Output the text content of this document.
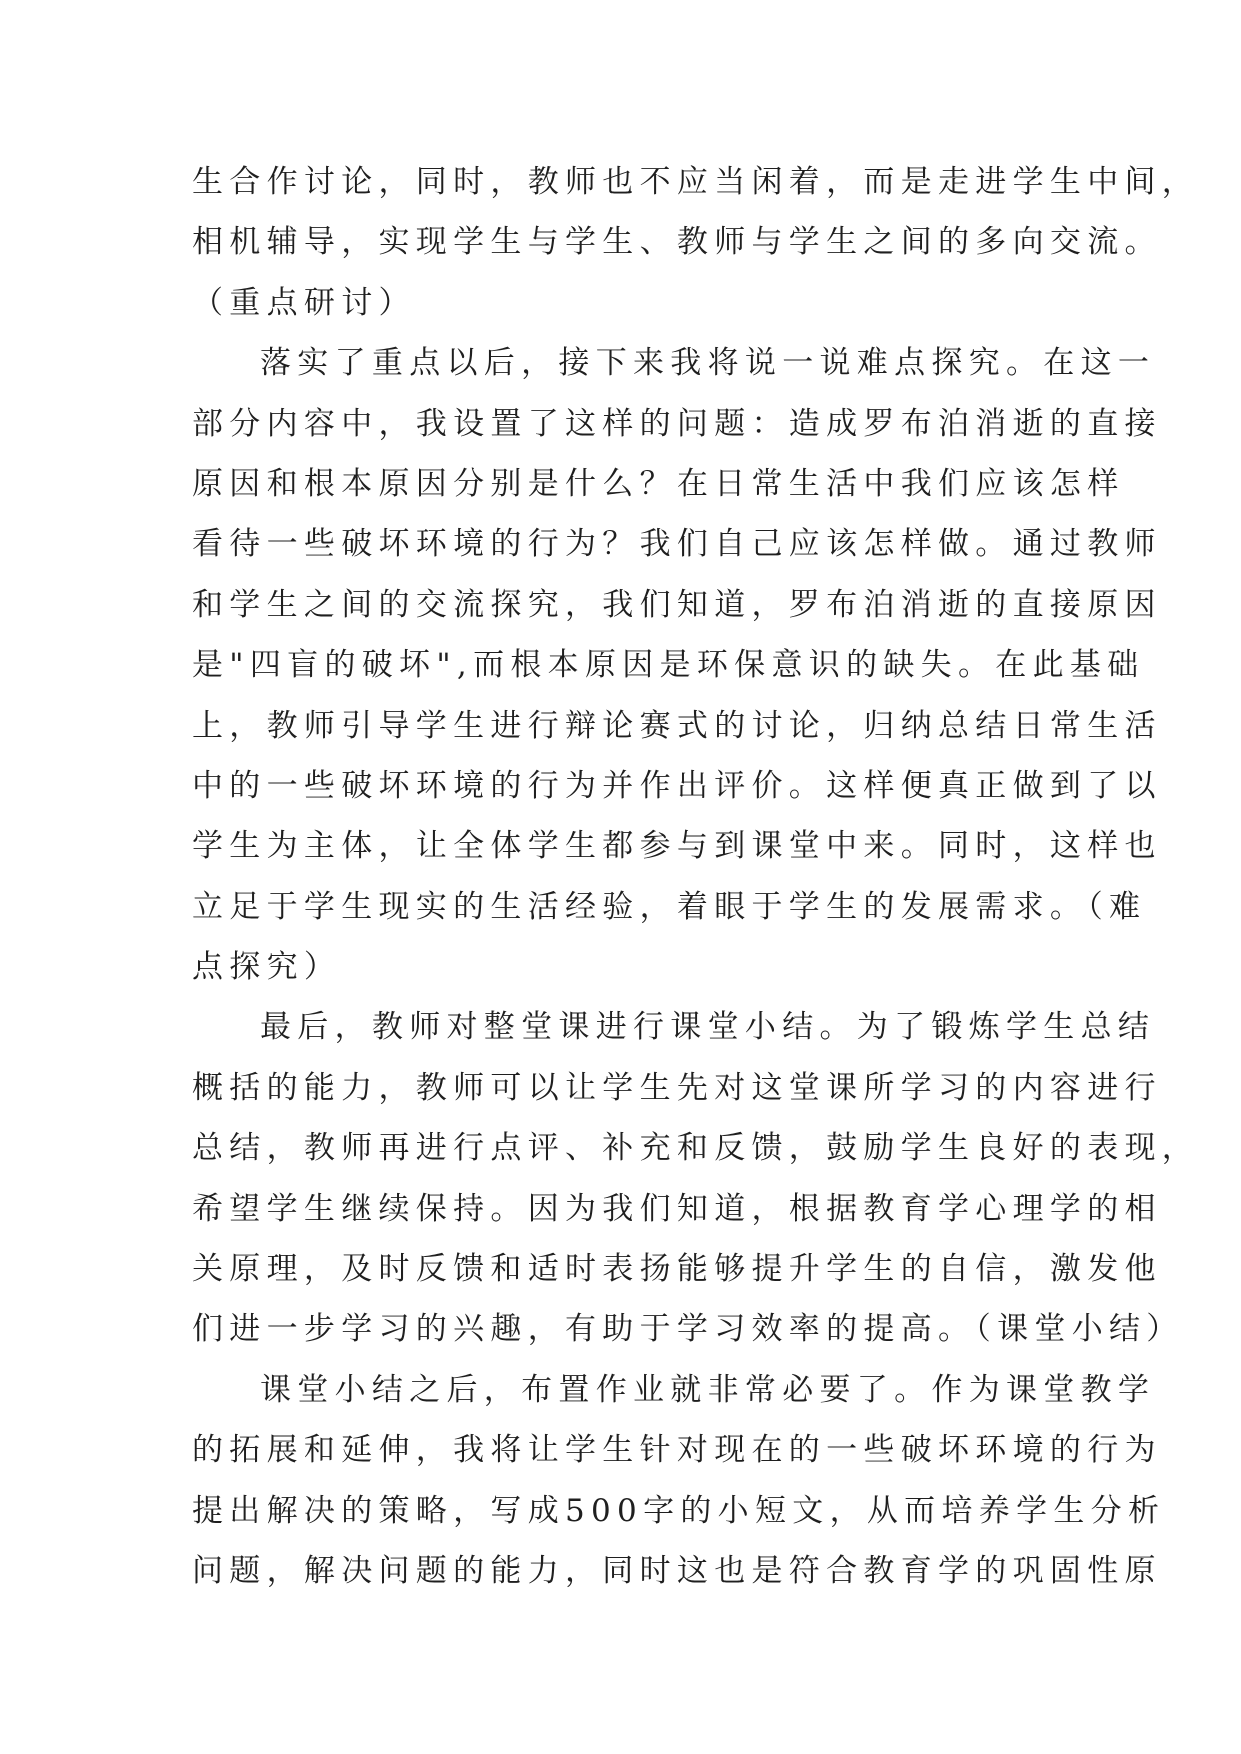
生合作讨论，同时，教师也不应当闲着，而是走进学生中间，
相机辅导，实现学生与学生、教师与学生之间的多向交流。
（重点研讨）
落实了重点以后，接下来我将说一说难点探究。在这一
部分内容中，我设置了这样的问题：造成罗布泊消逝的直接
原因和根本原因分别是什么？在日常生活中我们应该怎样
看待一些破坏环境的行为？我们自己应该怎样做。通过教师
和学生之间的交流探究，我们知道，罗布泊消逝的直接原因
是"四盲的破坏",而根本原因是环保意识的缺失。在此基础
上，教师引导学生进行辩论赛式的讨论，归纳总结日常生活
中的一些破坏环境的行为并作出评价。这样便真正做到了以
学生为主体，让全体学生都参与到课堂中来。同时，这样也
立足于学生现实的生活经验，着眼于学生的发展需求。（难
点探究）
最后，教师对整堂课进行课堂小结。为了锻炼学生总结
概括的能力，教师可以让学生先对这堂课所学习的内容进行
总结，教师再进行点评、补充和反馈，鼓励学生良好的表现，
希望学生继续保持。因为我们知道，根据教育学心理学的相
关原理，及时反馈和适时表扬能够提升学生的自信，激发他
们进一步学习的兴趣，有助于学习效率的提高。（课堂小结）
课堂小结之后，布置作业就非常必要了。作为课堂教学
的拓展和延伸，我将让学生针对现在的一些破坏环境的行为
提出解决的策略，写成500字的小短文，从而培养学生分析
问题，解决问题的能力，同时这也是符合教育学的巩固性原
